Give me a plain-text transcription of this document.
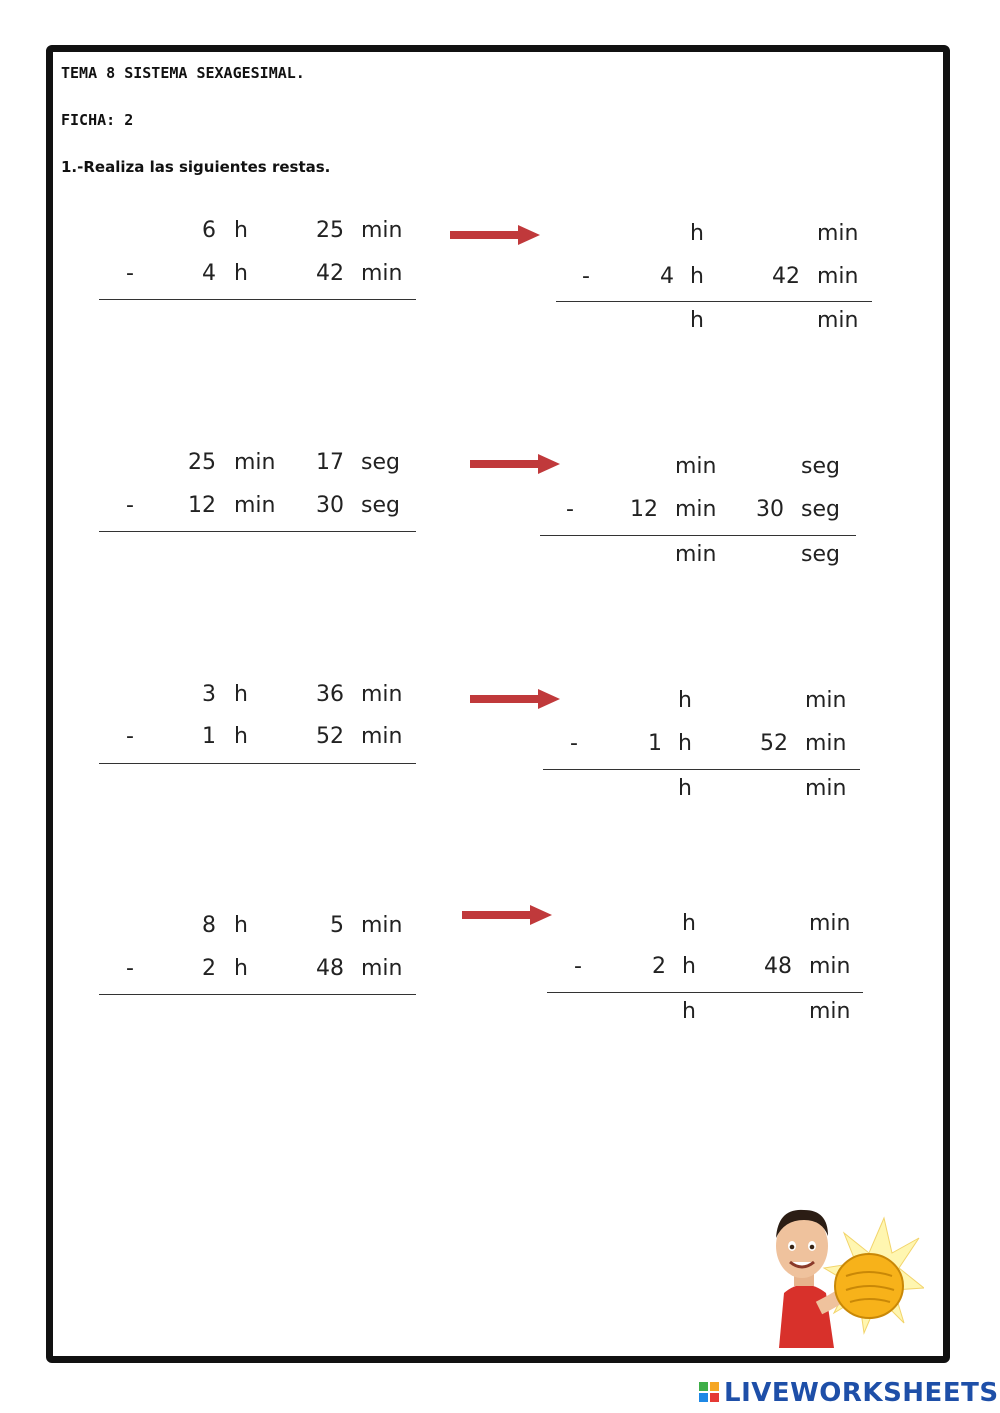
TEMA 8 SISTEMA SEXAGESIMAL.
FICHA: 2
1.-Realiza las siguientes restas.
6 h	25 min
-	4 h	42 min
h	min
-	4 h	42 min
h	min
25 min	17 seg
-	12 min	30 seg
min	seg
-	12 min	30 seg
min	seg
3 h	36 min
-	1 h	52 min
h	min
-	1 h	52 min
h	min
8 h	5 min
-	2 h	48 min
h	min
-	2 h	48 min
h	min
LIVEWORKSHEETS
